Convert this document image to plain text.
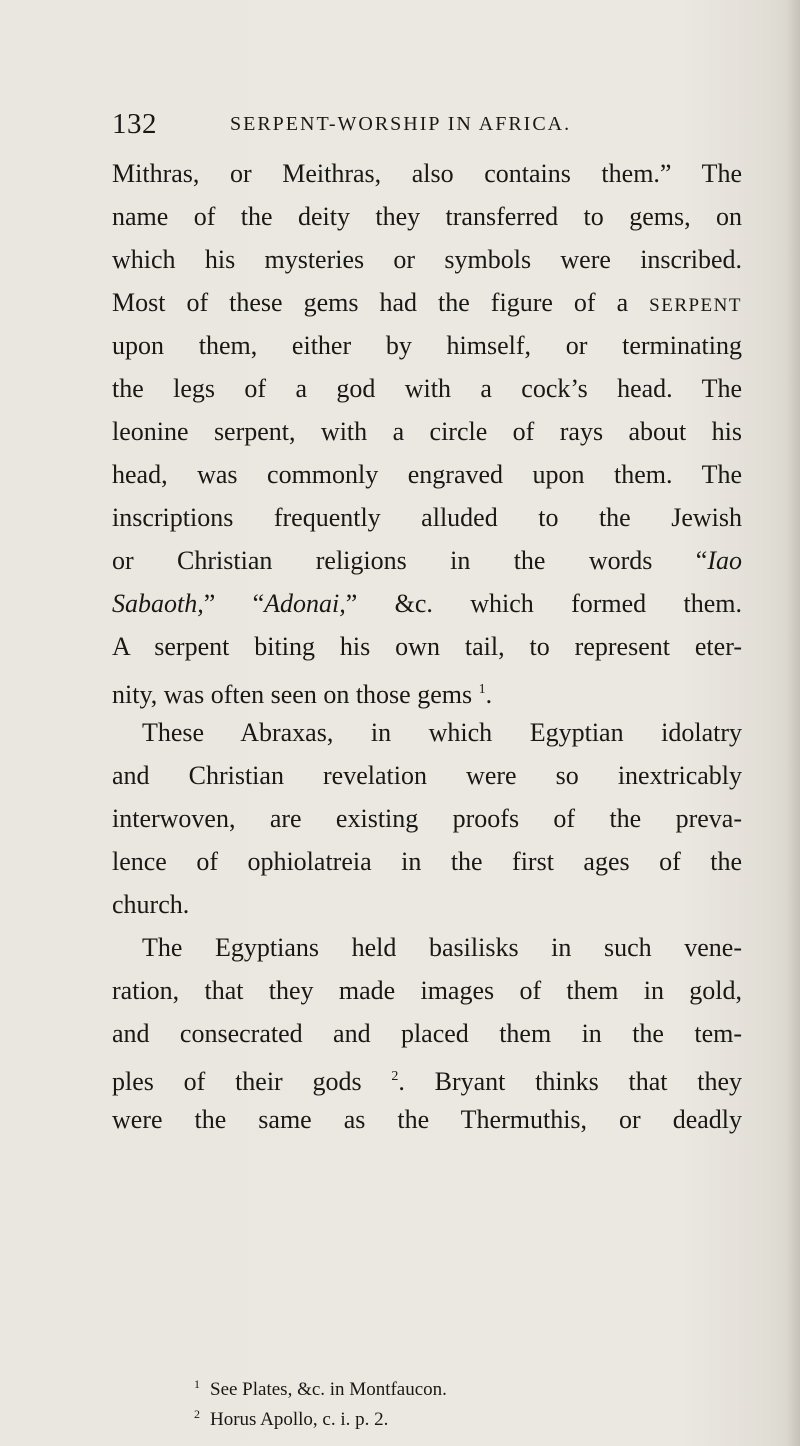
132	SERPENT-WORSHIP IN AFRICA.
Mithras, or Meithras, also contains them.” The
name of the deity they transferred to gems, on
which his mysteries or symbols were inscribed.
Most of these gems had the figure of a SERPENT
upon them, either by himself, or terminating
the legs of a god with a cock’s head. The
leonine serpent, with a circle of rays about his
head, was commonly engraved upon them. The
inscriptions frequently alluded to the Jewish
or Christian religions in the words “Iao
Sabaoth,” “Adonai,” &c. which formed them.
A serpent biting his own tail, to represent eter-
nity, was often seen on those gems $^1$.
These Abraxas, in which Egyptian idolatry
and Christian revelation were so inextricably
interwoven, are existing proofs of the preva-
lence of ophiolatreia in the first ages of the
church.
The Egyptians held basilisks in such vene-
ration, that they made images of them in gold,
and consecrated and placed them in the tem-
ples of their gods $^2$. Bryant thinks that they
were the same as the Thermuthis, or deadly
$^1$ See Plates, &c. in Montfaucon.
$^2$ Horus Apollo, c. i. p. 2.
